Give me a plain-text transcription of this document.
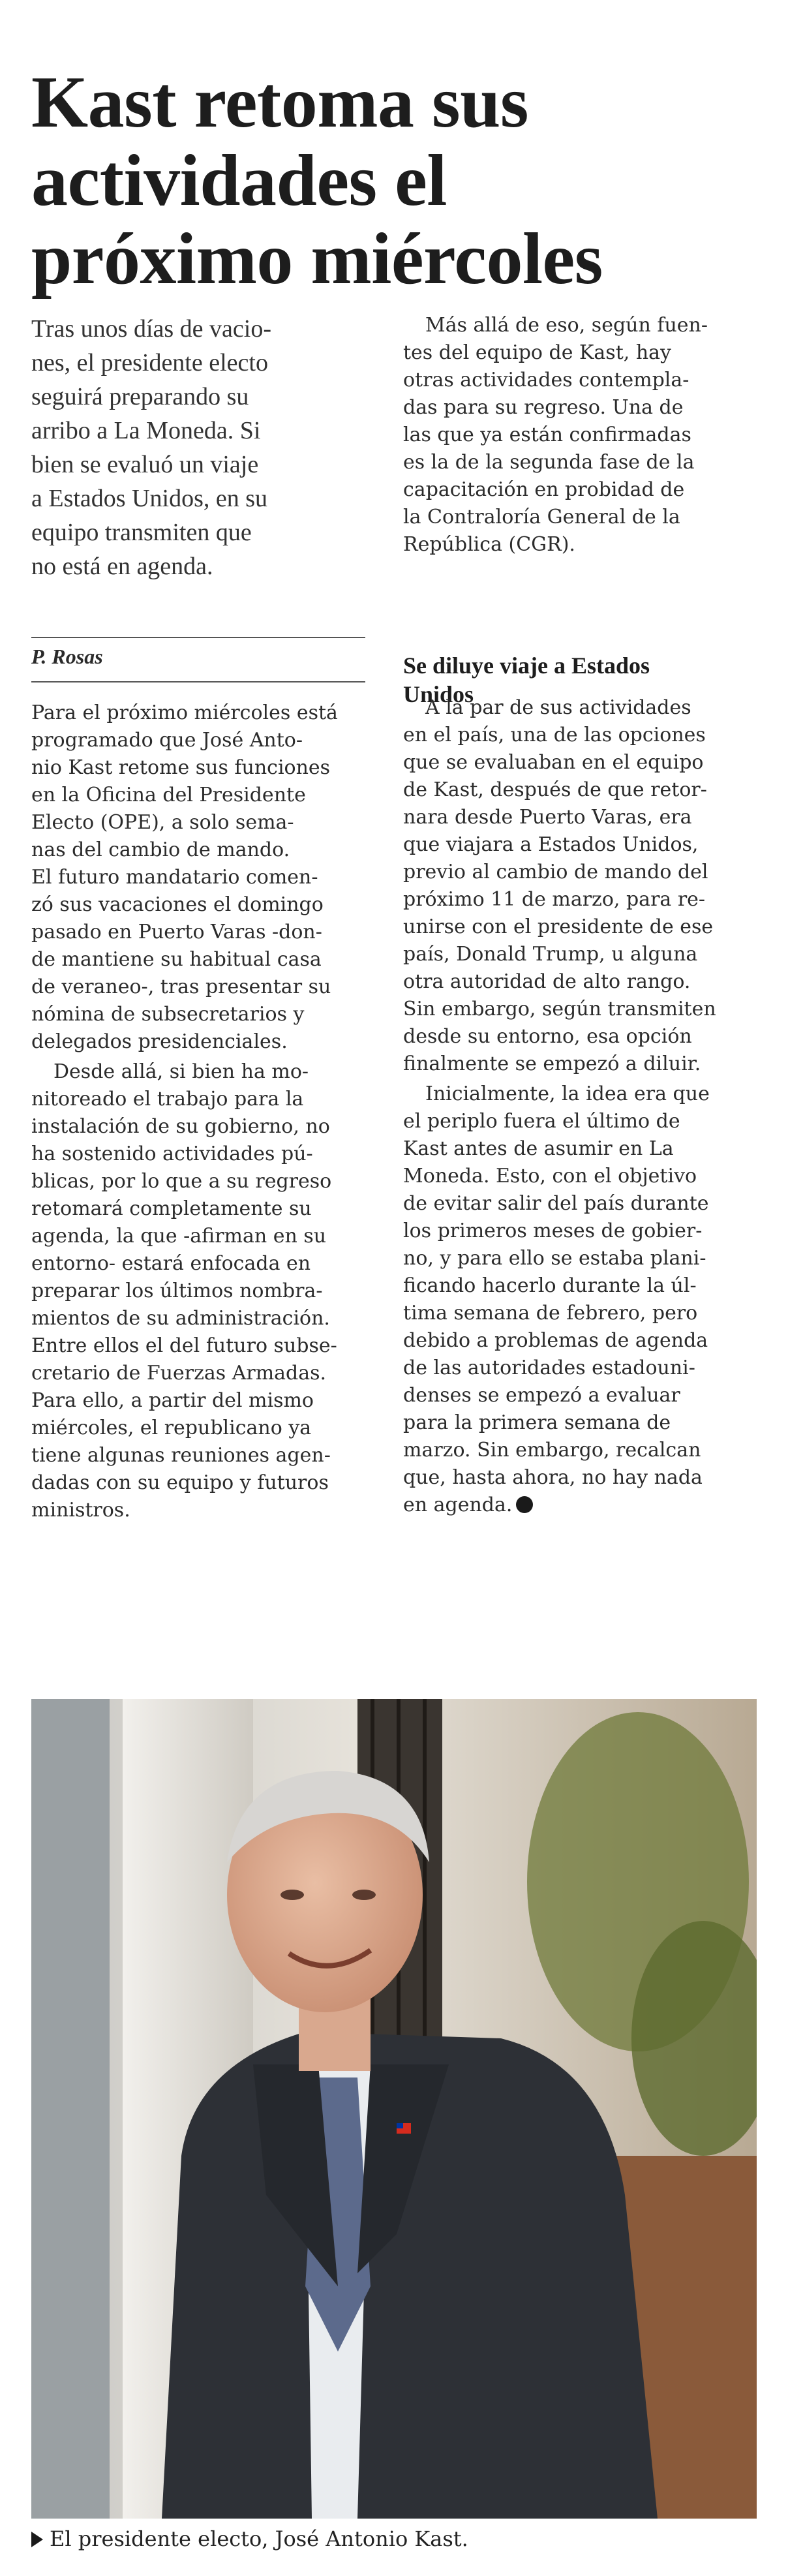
Kast retoma sus
actividades el
próximo miércoles
Tras unos días de vacio-
nes, el presidente electo
seguirá preparando su
arribo a La Moneda. Si
bien se evaluó un viaje
a Estados Unidos, en su
equipo transmiten que
no está en agenda.
P. Rosas
Para el próximo miércoles está
programado que José Anto-
nio Kast retome sus funciones
en la Oficina del Presidente
Electo (OPE), a solo sema-
nas del cambio de mando.
El futuro mandatario comen-
zó sus vacaciones el domingo
pasado en Puerto Varas -don-
de mantiene su habitual casa
de veraneo-, tras presentar su
nómina de subsecretarios y
delegados presidenciales.
Desde allá, si bien ha mo-
nitoreado el trabajo para la
instalación de su gobierno, no
ha sostenido actividades pú-
blicas, por lo que a su regreso
retomará completamente su
agenda, la que -afirman en su
entorno- estará enfocada en
preparar los últimos nombra-
mientos de su administración.
Entre ellos el del futuro subse-
cretario de Fuerzas Armadas.
Para ello, a partir del mismo
miércoles, el republicano ya
tiene algunas reuniones agen-
dadas con su equipo y futuros
ministros.
Más allá de eso, según fuen-
tes del equipo de Kast, hay
otras actividades contempla-
das para su regreso. Una de
las que ya están confirmadas
es la de la segunda fase de la
capacitación en probidad de
la Contraloría General de la
República (CGR).
Se diluye viaje a Estados
Unidos
A la par de sus actividades
en el país, una de las opciones
que se evaluaban en el equipo
de Kast, después de que retor-
nara desde Puerto Varas, era
que viajara a Estados Unidos,
previo al cambio de mando del
próximo 11 de marzo, para re-
unirse con el presidente de ese
país, Donald Trump, u alguna
otra autoridad de alto rango.
Sin embargo, según transmiten
desde su entorno, esa opción
finalmente se empezó a diluir.
Inicialmente, la idea era que
el periplo fuera el último de
Kast antes de asumir en La
Moneda. Esto, con el objetivo
de evitar salir del país durante
los primeros meses de gobier-
no, y para ello se estaba plani-
ficando hacerlo durante la úl-
tima semana de febrero, pero
debido a problemas de agenda
de las autoridades estadouni-
denses se empezó a evaluar
para la primera semana de
marzo. Sin embargo, recalcan
que, hasta ahora, no hay nada
en agenda.
El presidente electo, José Antonio Kast.
